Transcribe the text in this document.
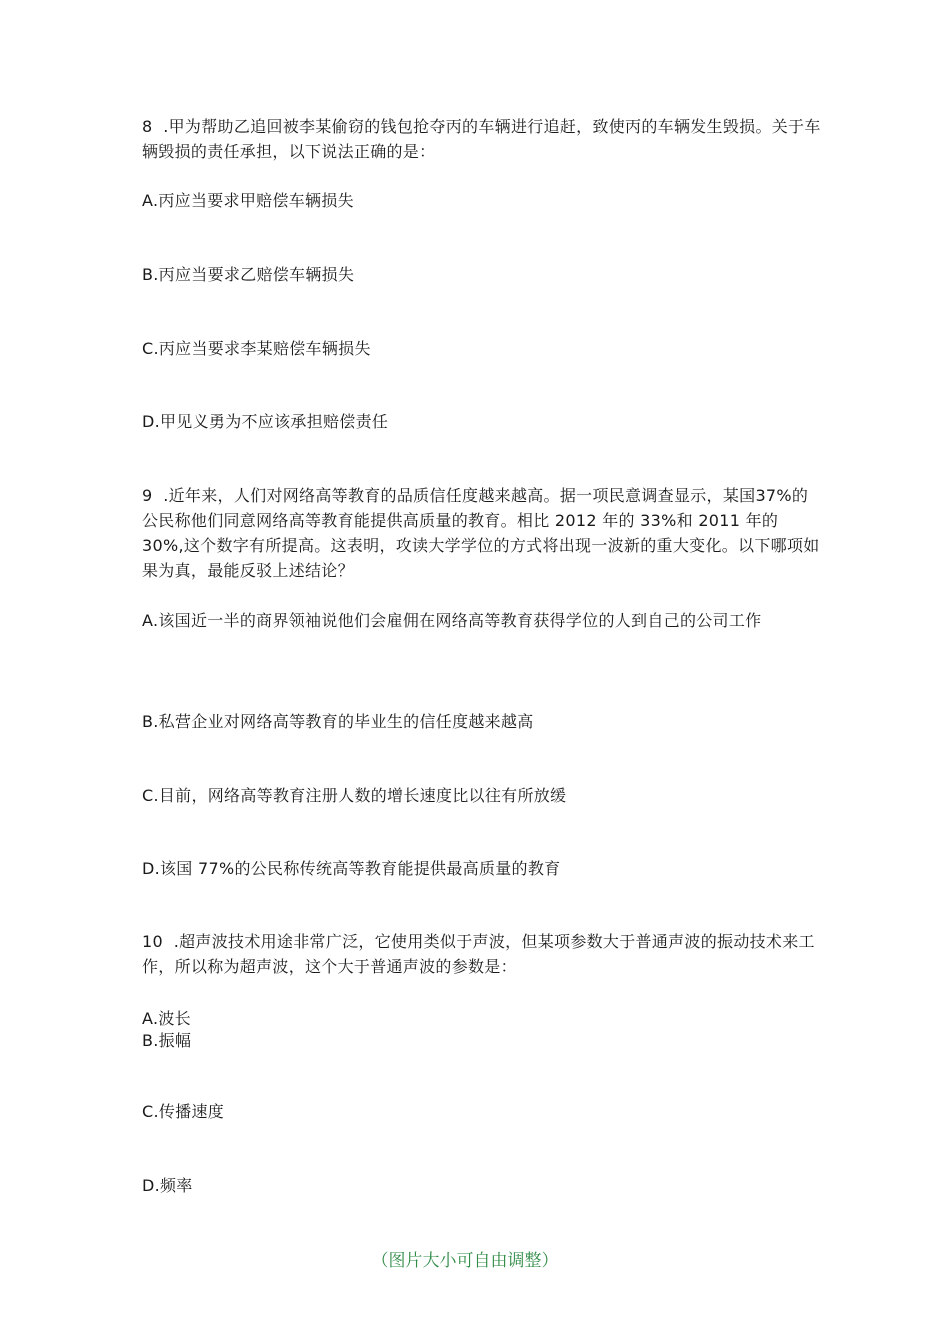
8  .甲为帮助乙追回被李某偷窃的钱包抢夺丙的车辆进行追赶，致使丙的车辆发生毁损。关于车辆毁损的责任承担，以下说法正确的是：

A.丙应当要求甲赔偿车辆损失

B.丙应当要求乙赔偿车辆损失

C.丙应当要求李某赔偿车辆损失

D.甲见义勇为不应该承担赔偿责任

9  .近年来，人们对网络高等教育的品质信任度越来越高。据一项民意调查显示，某国37%的公民称他们同意网络高等教育能提供高质量的教育。相比 2012 年的 33%和 2011 年的 30%,这个数字有所提高。这表明，攻读大学学位的方式将出现一波新的重大变化。以下哪项如果为真，最能反驳上述结论？

A.该国近一半的商界领袖说他们会雇佣在网络高等教育获得学位的人到自己的公司工作

B.私营企业对网络高等教育的毕业生的信任度越来越高

C.目前，网络高等教育注册人数的增长速度比以往有所放缓

D.该国 77%的公民称传统高等教育能提供最高质量的教育

10  .超声波技术用途非常广泛，它使用类似于声波，但某项参数大于普通声波的振动技术来工作，所以称为超声波，这个大于普通声波的参数是：

A.波长

B.振幅

C.传播速度

D.频率

（图片大小可自由调整）
